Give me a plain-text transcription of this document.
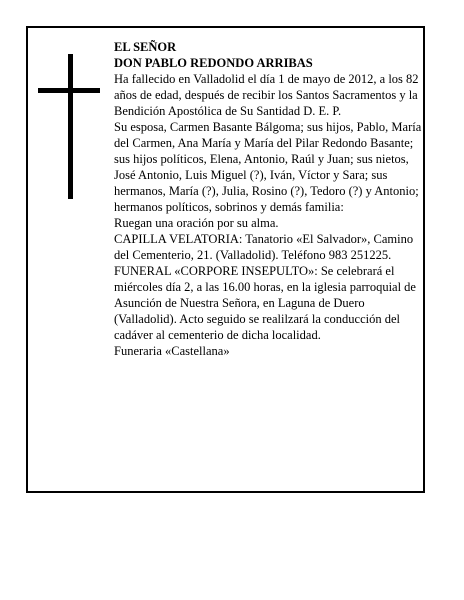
EL SEÑOR

DON PABLO REDONDO ARRIBAS

Ha fallecido en Valladolid el día 1 de mayo de 2012, a los 82 años de edad, después de recibir los Santos Sacramentos y la Bendición Apostólica de Su Santidad D. E. P.

Su esposa, Carmen Basante Bálgoma; sus hijos, Pablo, María del Carmen, Ana María y María del Pilar Redondo Basante; sus hijos políticos, Elena, Antonio, Raúl y Juan; sus nietos, José Antonio, Luis Miguel (?), Iván, Víctor y Sara; sus hermanos, María (?), Julia, Rosino (?), Tedoro (?) y Antonio; hermanos políticos, sobrinos y demás familia:

Ruegan una oración por su alma.

CAPILLA VELATORIA: Tanatorio «El Salvador», Camino del Cementerio, 21. (Valladolid). Teléfono 983 251225.

FUNERAL «CORPORE INSEPULTO»: Se celebrará el miércoles día 2, a las 16.00 horas, en la iglesia parroquial de Asunción de Nuestra Señora, en Laguna de Duero (Valladolid). Acto seguido se realilzará la conducción del cadáver al cementerio de dicha localidad.

Funeraria «Castellana»
